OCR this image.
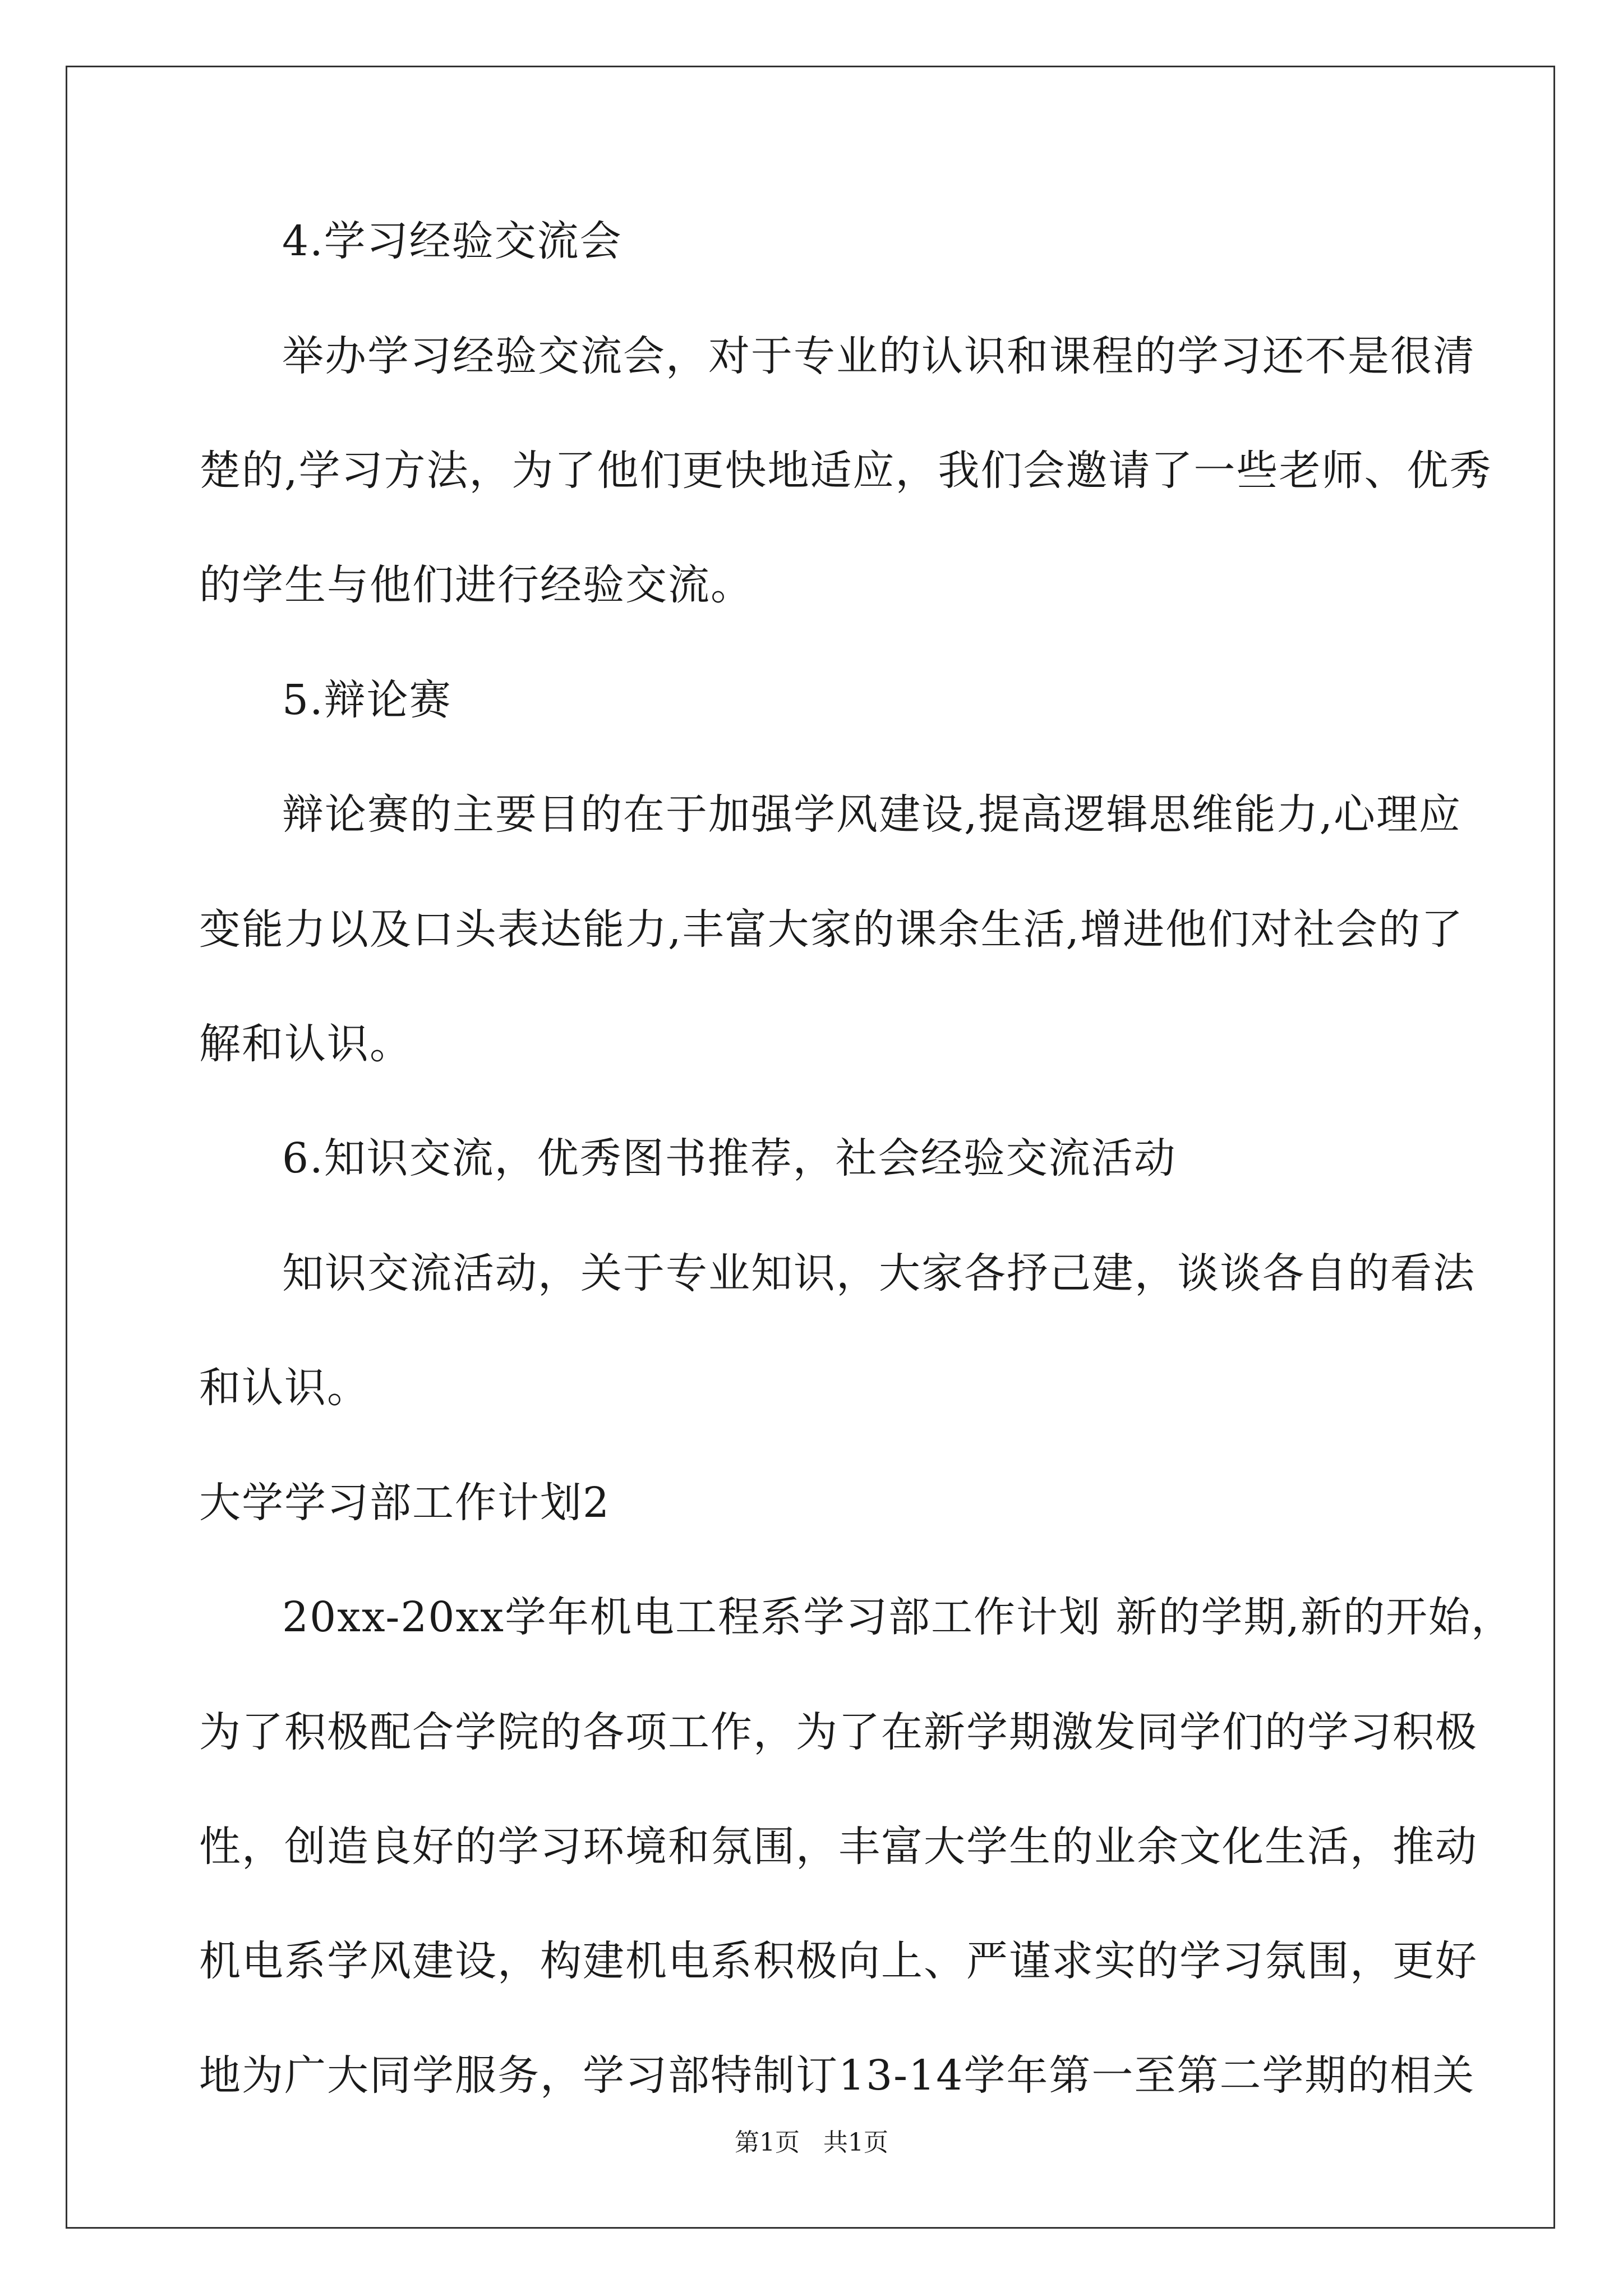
4.学习经验交流会
举办学习经验交流会，对于专业的认识和课程的学习还不是很清
楚的,学习方法，为了他们更快地适应，我们会邀请了一些老师、优秀
的学生与他们进行经验交流。
5.辩论赛
辩论赛的主要目的在于加强学风建设,提高逻辑思维能力,心理应
变能力以及口头表达能力,丰富大家的课余生活,增进他们对社会的了
解和认识。
6.知识交流，优秀图书推荐，社会经验交流活动
知识交流活动，关于专业知识，大家各抒己建，谈谈各自的看法
和认识。
大学学习部工作计划2
20xx-20xx学年机电工程系学习部工作计划 新的学期,新的开始，
为了积极配合学院的各项工作，为了在新学期激发同学们的学习积极
性，创造良好的学习环境和氛围，丰富大学生的业余文化生活，推动
机电系学风建设，构建机电系积极向上、严谨求实的学习氛围，更好
地为广大同学服务，学习部特制订13-14学年第一至第二学期的相关
第1页 共1页
